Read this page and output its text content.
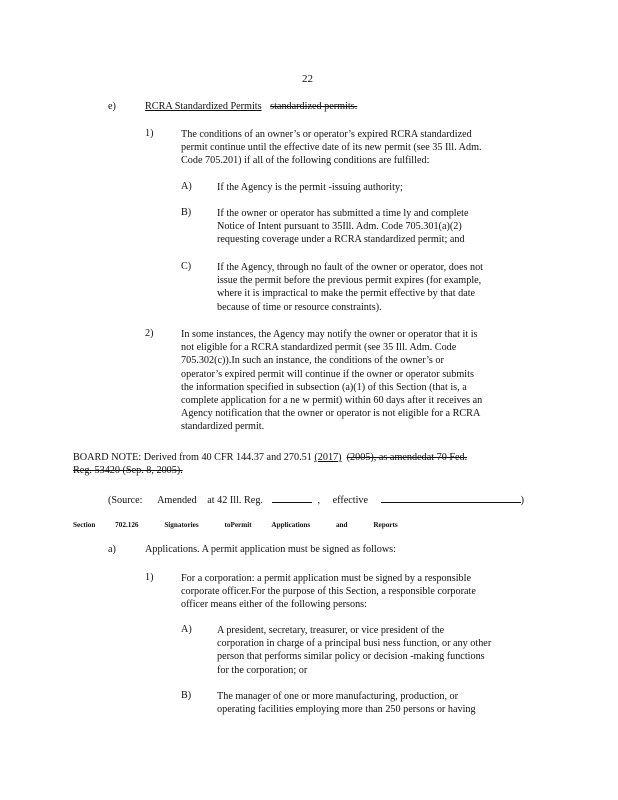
22
e)	RCRA Standardized Permits standardized permits.
1)	The conditions of an owner’s or operator’s expired RCRA standardized
permit continue until the effective date of its new permit (see 35 Ill. Adm.
Code 705.201) if all of the following conditions are fulfilled:
A) If the Agency is the permit -issuing authority;
B)	If the owner or operator has submitted a time ly and complete
Notice of Intent pursuant to 35Ill. Adm. Code 705.301(a)(2)
requesting coverage under a RCRA standardized permit; and
C)	If the Agency, through no fault of the owner or operator, does not
issue the permit before the previous permit expires (for example,
where it is impractical to make the permit effective by that date
because of time or resource constraints).
2)	In some instances, the Agency may notify the owner or operator that it is
not eligible for a RCRA standardized permit (see 35 Ill. Adm. Code
705.302(c)).In such an instance, the conditions of the owner’s or
operator’s expired permit will continue if the owner or operator submits
the information specified in subsection (a)(1) of this Section (that is, a
complete application for a ne w permit) within 60 days after it receives an
Agency notification that the owner or operator is not eligible for a RCRA
standardized permit.
BOARD NOTE: Derived from 40 CFR 144.37 and 270.51 (2017) (2005), as amendedat 70 Fed.
Reg. 53420 (Sep. 8, 2005).
(Source: Amended at 42 Ill. Reg.	, effective	)
Section	702.126	Signatories	toPermit	Applications	and	Reports
a)	Applications. A permit application must be signed as follows:
1)	For a corporation: a permit application must be signed by a responsible
corporate officer.For the purpose of this Section, a responsible corporate
officer means either of the following persons:
A) A president, secretary, treasurer, or vice president of the
corporation in charge of a principal busi ness function, or any other
person that performs similar policy or decision -making functions
for the corporation; or
B)	The manager of one or more manufacturing, production, or
operating facilities employing more than 250 persons or having
